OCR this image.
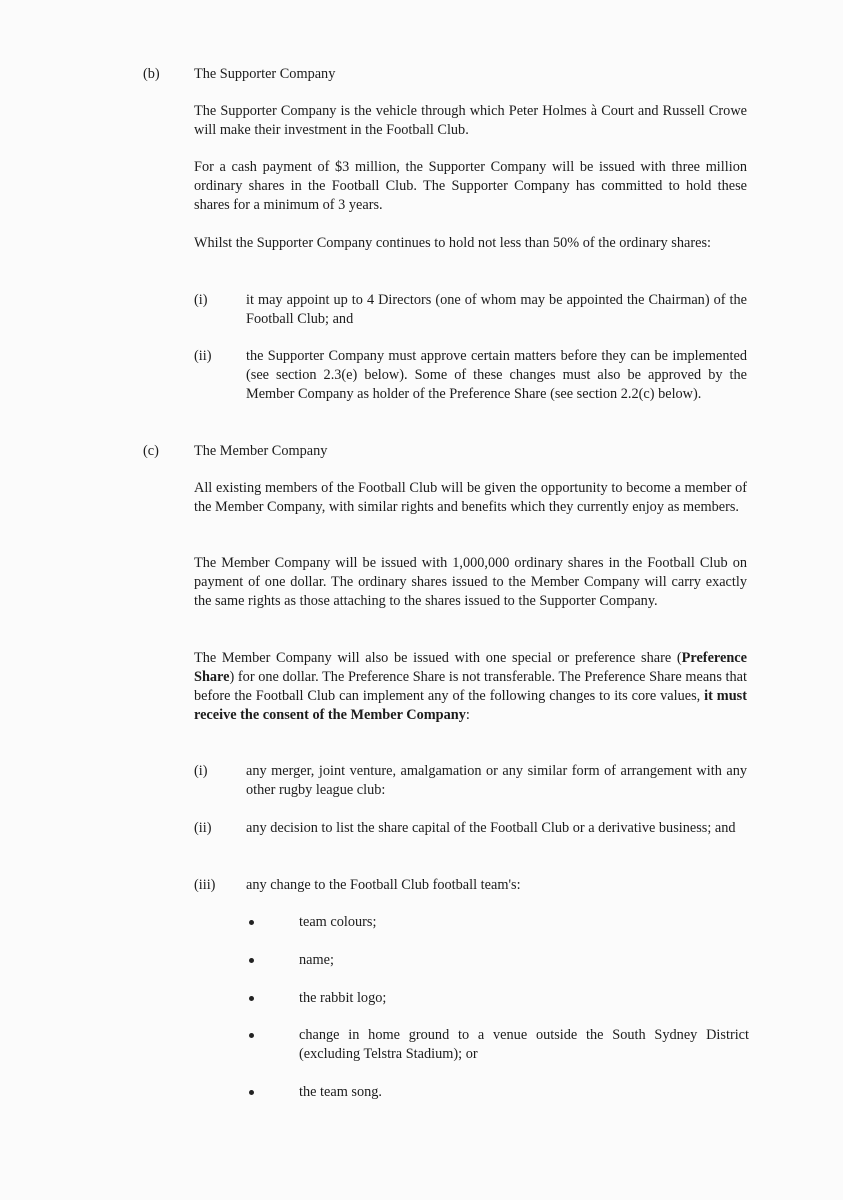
(b) The Supporter Company
The Supporter Company is the vehicle through which Peter Holmes à Court and Russell Crowe will make their investment in the Football Club.
For a cash payment of $3 million, the Supporter Company will be issued with three million ordinary shares in the Football Club. The Supporter Company has committed to hold these shares for a minimum of 3 years.
Whilst the Supporter Company continues to hold not less than 50% of the ordinary shares:
(i)	it may appoint up to 4 Directors (one of whom may be appointed the Chairman) of the Football Club; and
(ii) the Supporter Company must approve certain matters before they can be implemented (see section 2.3(e) below). Some of these changes must also be approved by the Member Company as holder of the Preference Share (see section 2.2(c) below).
(c) The Member Company
All existing members of the Football Club will be given the opportunity to become a member of the Member Company, with similar rights and benefits which they currently enjoy as members.
The Member Company will be issued with 1,000,000 ordinary shares in the Football Club on payment of one dollar. The ordinary shares issued to the Member Company will carry exactly the same rights as those attaching to the shares issued to the Supporter Company.
The Member Company will also be issued with one special or preference share (Preference Share) for one dollar. The Preference Share is not transferable. The Preference Share means that before the Football Club can implement any of the following changes to its core values, it must receive the consent of the Member Company:
(i)	any merger, joint venture, amalgamation or any similar form of arrangement with any other rugby league club:
(ii) any decision to list the share capital of the Football Club or a derivative business; and
(iii) any change to the Football Club football team's:
team colours;
name;
the rabbit logo;
change in home ground to a venue outside the South Sydney District (excluding Telstra Stadium); or
the team song.
